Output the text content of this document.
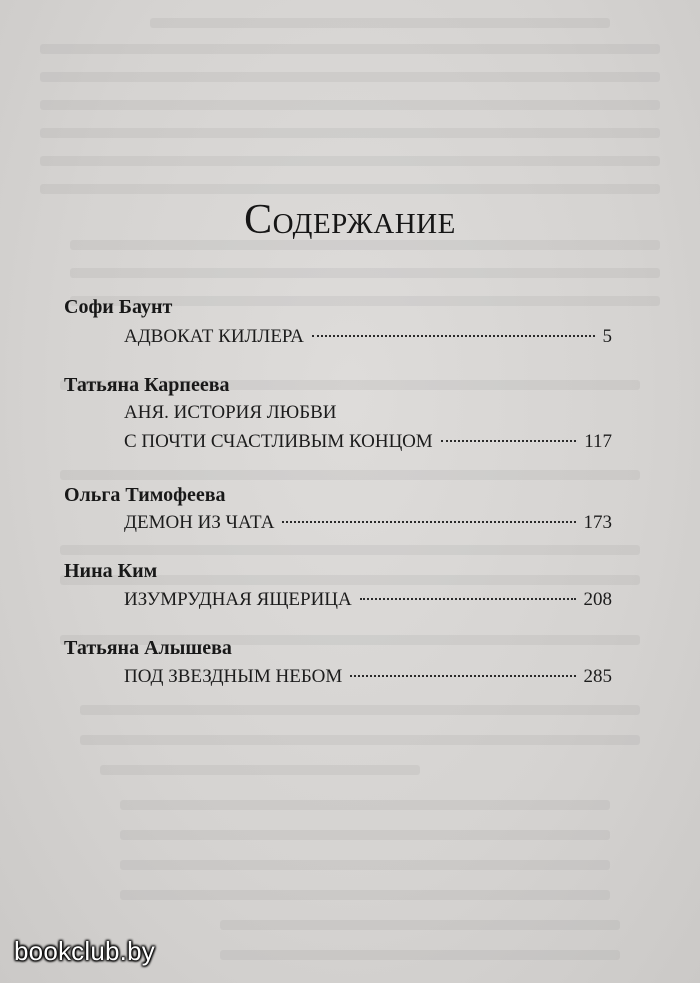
Содержание
Софи Баунт
АДВОКАТ КИЛЛЕРА	5
Татьяна Карпеева
АНЯ. ИСТОРИЯ ЛЮБВИ
С ПОЧТИ СЧАСТЛИВЫМ КОНЦОМ	117
Ольга Тимофеева
ДЕМОН ИЗ ЧАТА	173
Нина Ким
ИЗУМРУДНАЯ ЯЩЕРИЦА	208
Татьяна Алышева
ПОД ЗВЕЗДНЫМ НЕБОМ	285
bookclub.by
